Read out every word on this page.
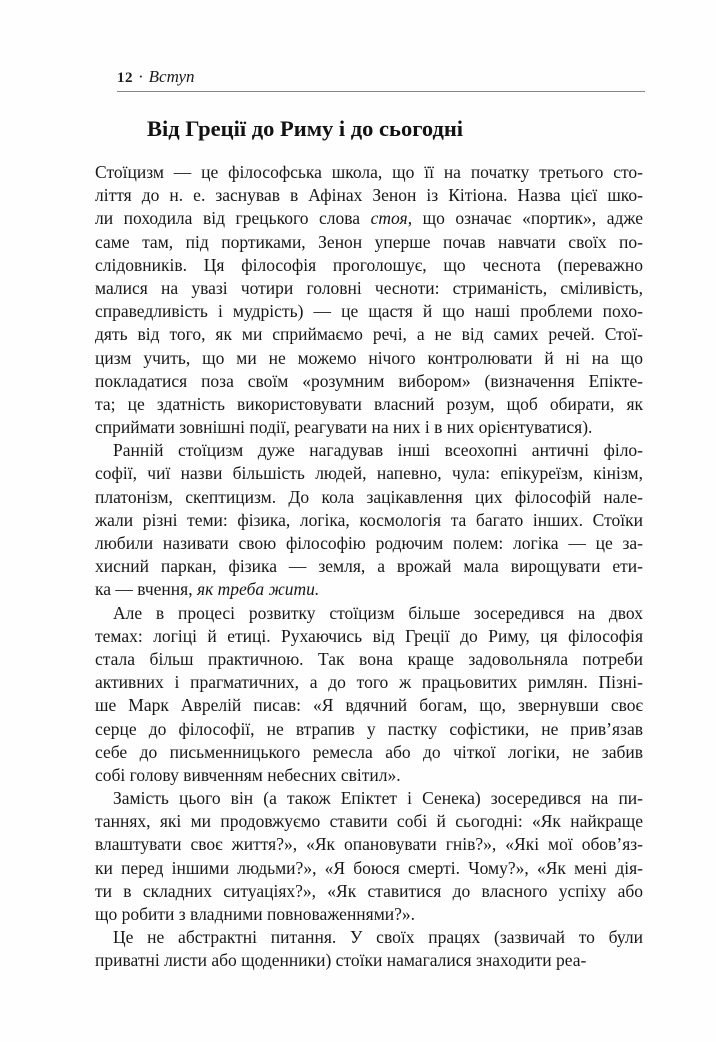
12 · Вступ
Від Греції до Риму і до сьогодні
Стоїцизм — це філософська школа, що її на початку третього сто-
ліття до н. е. заснував в Афінах Зенон із Кітіона. Назва цієї шко-
ли походила від грецького слова стоя, що означає «портик», адже
саме там, під портиками, Зенон уперше почав навчати своїх по-
слідовників. Ця філософія проголошує, що чеснота (переважно
малися на увазі чотири головні чесноти: стриманість, сміливість,
справедливість і мудрість) — це щастя й що наші проблеми похо-
дять від того, як ми сприймаємо речі, а не від самих речей. Стої-
цизм учить, що ми не можемо нічого контролювати й ні на що
покладатися поза своїм «розумним вибором» (визначення Епікте-
та; це здатність використовувати власний розум, щоб обирати, як
сприймати зовнішні події, реагувати на них і в них орієнтуватися).
Ранній стоїцизм дуже нагадував інші всеохопні античні філо-
софії, чиї назви більшість людей, напевно, чула: епікуреїзм, кінізм,
платонізм, скептицизм. До кола зацікавлення цих філософій нале-
жали різні теми: фізика, логіка, космологія та багато інших. Стоїки
любили називати свою філософію родючим полем: логіка — це за-
хисний паркан, фізика — земля, а врожай мала вирощувати ети-
ка — вчення, як треба жити.
Але в процесі розвитку стоїцизм більше зосередився на двох
темах: логіці й етиці. Рухаючись від Греції до Риму, ця філософія
стала більш практичною. Так вона краще задовольняла потреби
активних і прагматичних, а до того ж працьовитих римлян. Пізні-
ше Марк Аврелій писав: «Я вдячний богам, що, звернувши своє
серце до філософії, не втрапив у пастку софістики, не прив’язав
себе до письменницького ремесла або до чіткої логіки, не забив
собі голову вивченням небесних світил».
Замість цього він (а також Епіктет і Сенека) зосередився на пи-
таннях, які ми продовжуємо ставити собі й сьогодні: «Як найкраще
влаштувати своє життя?», «Як опановувати гнів?», «Які мої обов’яз-
ки перед іншими людьми?», «Я боюся смерті. Чому?», «Як мені дія-
ти в складних ситуаціях?», «Як ставитися до власного успіху або
що робити з владними повноваженнями?».
Це не абстрактні питання. У своїх працях (зазвичай то були
приватні листи або щоденники) стоїки намагалися знаходити реа-
